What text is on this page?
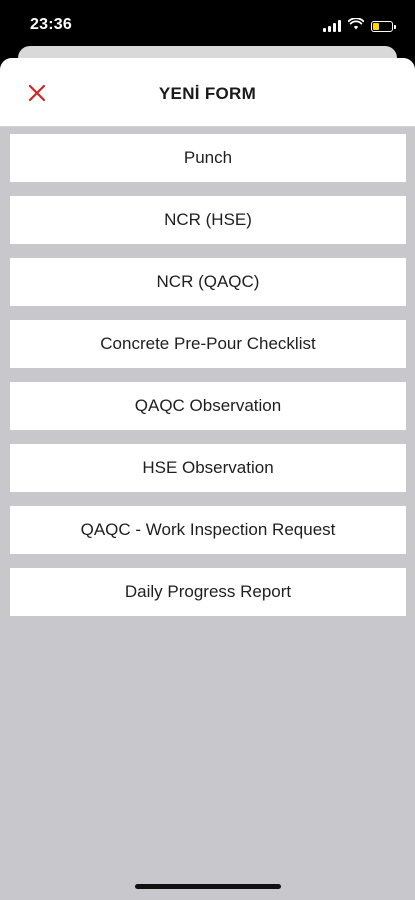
23:36
YENİ FORM
Punch
NCR (HSE)
NCR (QAQC)
Concrete Pre-Pour Checklist
QAQC Observation
HSE Observation
QAQC - Work Inspection Request
Daily Progress Report
